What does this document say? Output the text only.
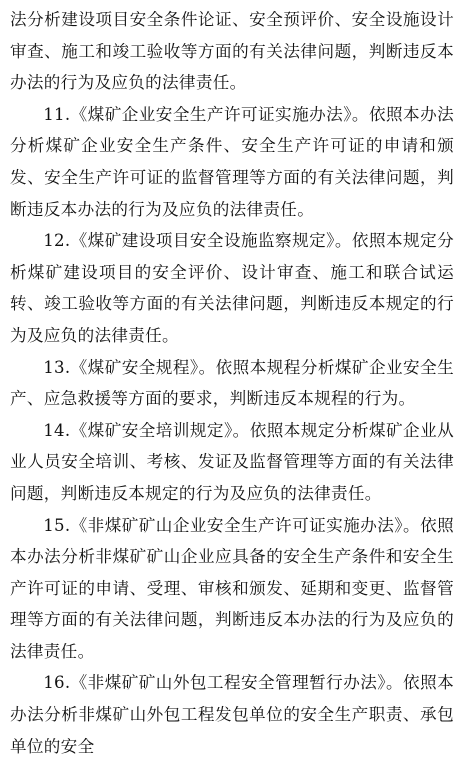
法分析建设项目安全条件论证、安全预评价、安全设施设计审查、施工和竣工验收等方面的有关法律问题，判断违反本办法的行为及应负的法律责任。

11.《煤矿企业安全生产许可证实施办法》。依照本办法分析煤矿企业安全生产条件、安全生产许可证的申请和颁发、安全生产许可证的监督管理等方面的有关法律问题，判断违反本办法的行为及应负的法律责任。

12.《煤矿建设项目安全设施监察规定》。依照本规定分析煤矿建设项目的安全评价、设计审查、施工和联合试运转、竣工验收等方面的有关法律问题，判断违反本规定的行为及应负的法律责任。

13.《煤矿安全规程》。依照本规程分析煤矿企业安全生产、应急救援等方面的要求，判断违反本规程的行为。

14.《煤矿安全培训规定》。依照本规定分析煤矿企业从业人员安全培训、考核、发证及监督管理等方面的有关法律问题，判断违反本规定的行为及应负的法律责任。

15.《非煤矿矿山企业安全生产许可证实施办法》。依照本办法分析非煤矿矿山企业应具备的安全生产条件和安全生产许可证的申请、受理、审核和颁发、延期和变更、监督管理等方面的有关法律问题，判断违反本办法的行为及应负的法律责任。

16.《非煤矿矿山外包工程安全管理暂行办法》。依照本办法分析非煤矿山外包工程发包单位的安全生产职责、承包单位的安全
